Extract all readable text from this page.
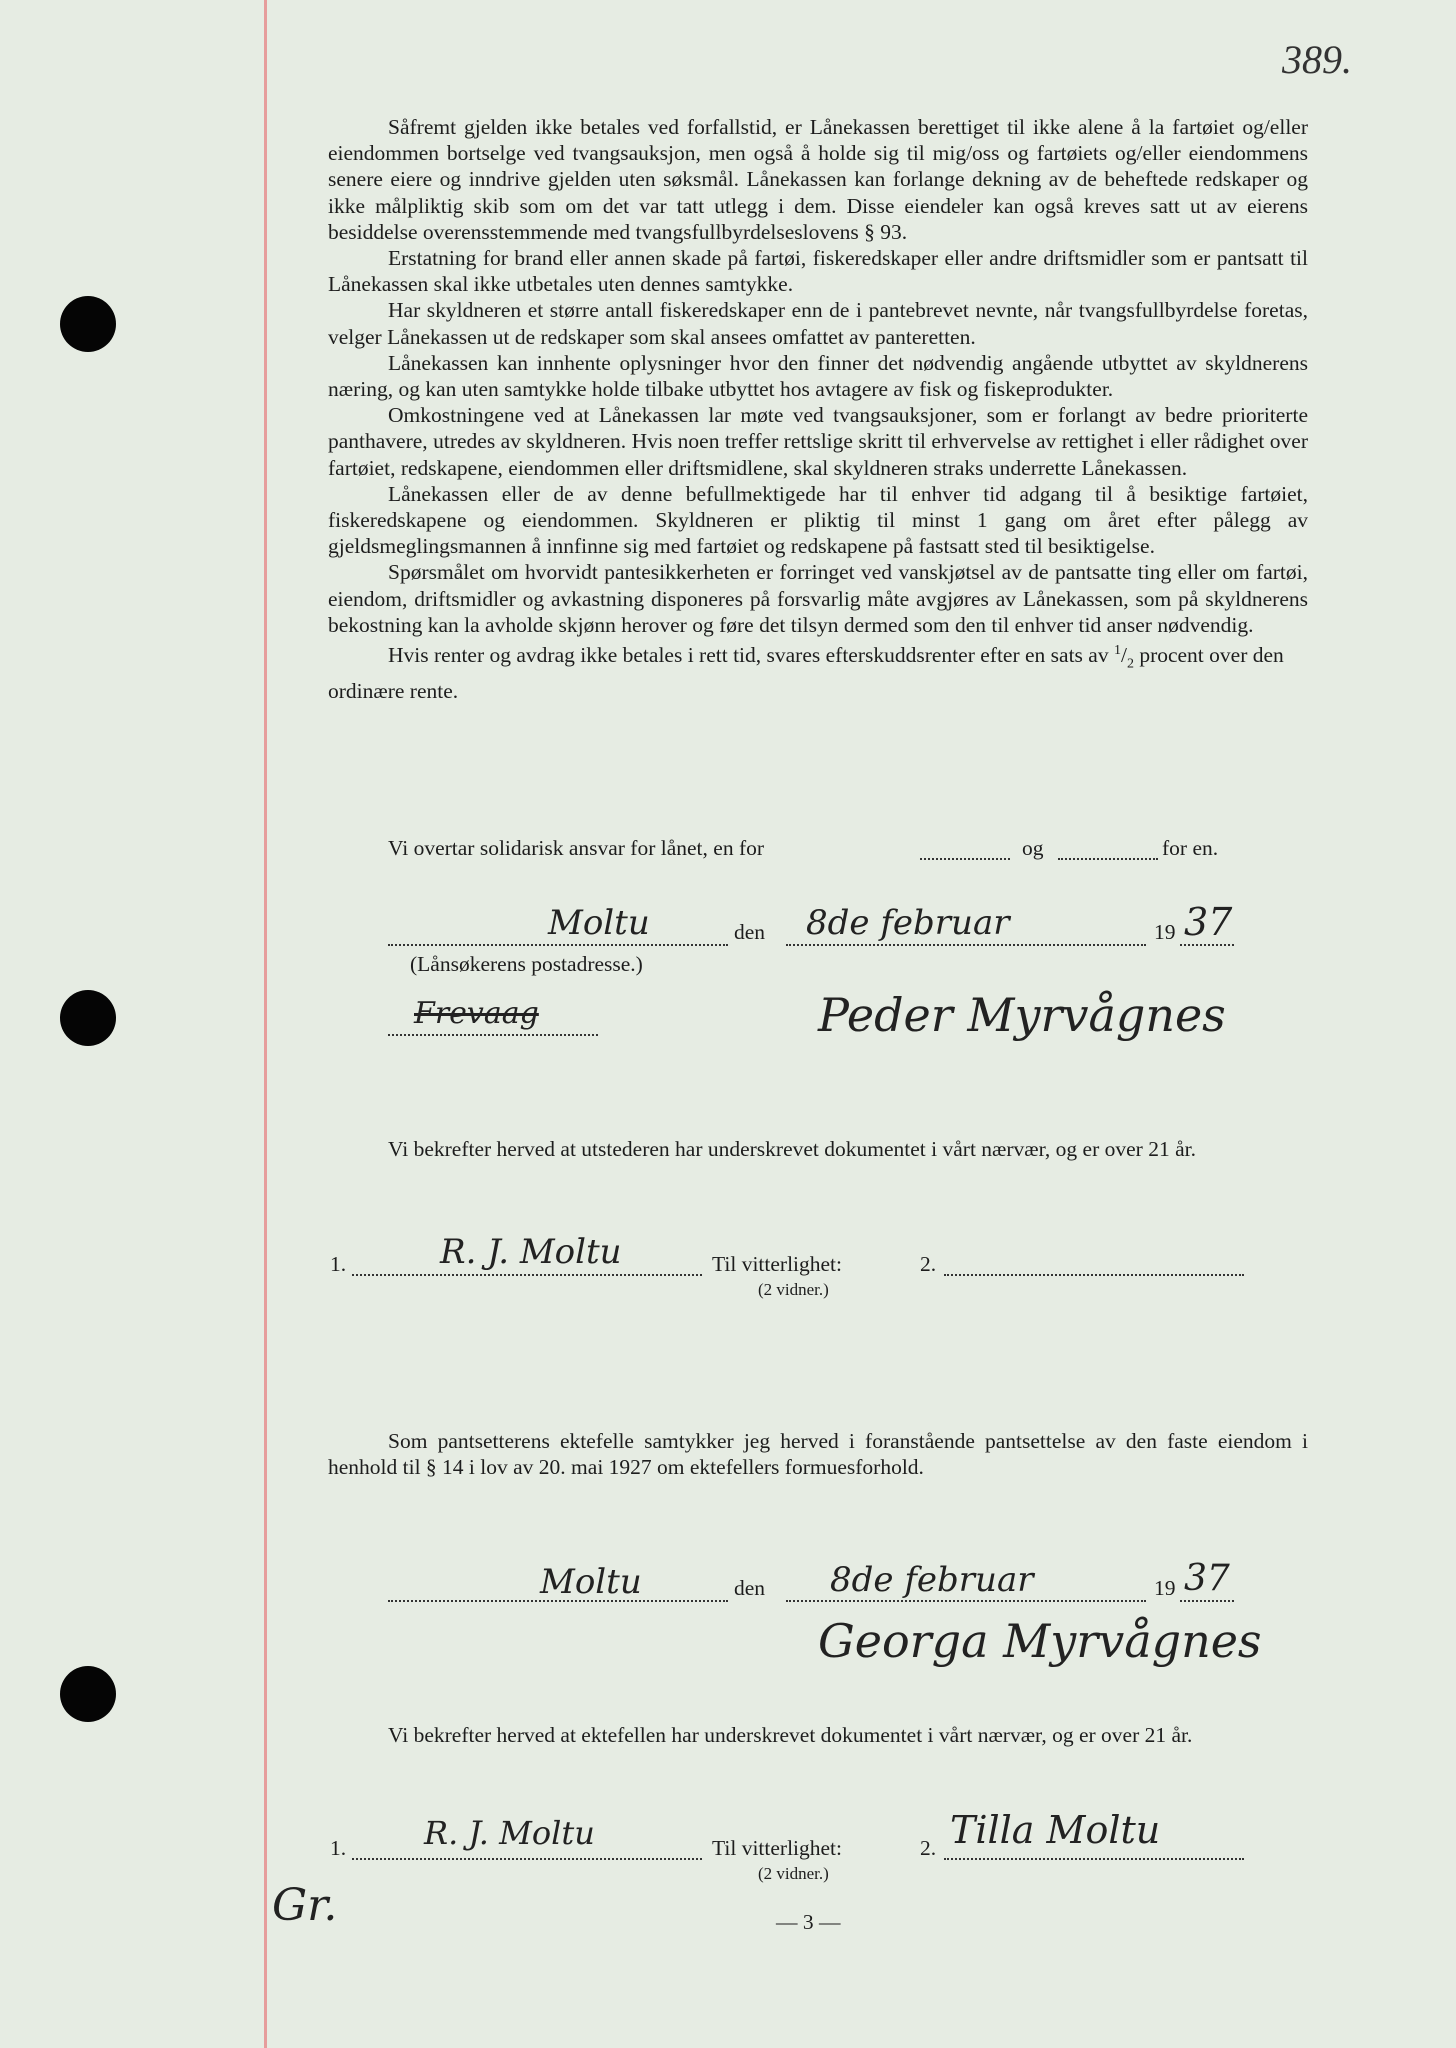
389.

Såfremt gjelden ikke betales ved forfallstid, er Lånekassen berettiget til ikke alene å la fartøiet og/eller eiendommen bortselge ved tvangsauksjon, men også å holde sig til mig/oss og fartøiets og/eller eiendommens senere eiere og inndrive gjelden uten søksmål. Lånekassen kan forlange dekning av de beheftede redskaper og ikke målpliktig skib som om det var tatt utlegg i dem. Disse eiendeler kan også kreves satt ut av eierens besiddelse overensstemmende med tvangsfullbyrdelseslovens § 93.

Erstatning for brand eller annen skade på fartøi, fiskeredskaper eller andre driftsmidler som er pantsatt til Lånekassen skal ikke utbetales uten dennes samtykke.

Har skyldneren et større antall fiskeredskaper enn de i pantebrevet nevnte, når tvangsfullbyrdelse foretas, velger Lånekassen ut de redskaper som skal ansees omfattet av panteretten.

Lånekassen kan innhente oplysninger hvor den finner det nødvendig angående utbyttet av skyldnerens næring, og kan uten samtykke holde tilbake utbyttet hos avtagere av fisk og fiskeprodukter.

Omkostningene ved at Lånekassen lar møte ved tvangsauksjoner, som er forlangt av bedre prioriterte panthavere, utredes av skyldneren. Hvis noen treffer rettslige skritt til erhvervelse av rettighet i eller rådighet over fartøiet, redskapene, eiendommen eller driftsmidlene, skal skyldneren straks underrette Lånekassen.

Lånekassen eller de av denne befullmektigede har til enhver tid adgang til å besiktige fartøiet, fiskeredskapene og eiendommen. Skyldneren er pliktig til minst 1 gang om året efter pålegg av gjeldsmeglingsmannen å innfinne sig med fartøiet og redskapene på fastsatt sted til besiktigelse.

Spørsmålet om hvorvidt pantesikkerheten er forringet ved vanskjøtsel av de pantsatte ting eller om fartøi, eiendom, driftsmidler og avkastning disponeres på forsvarlig måte avgjøres av Lånekassen, som på skyldnerens bekostning kan la avholde skjønn herover og føre det tilsyn dermed som den til enhver tid anser nødvendig.

Hvis renter og avdrag ikke betales i rett tid, svares efterskuddsrenter efter en sats av $^1/_2$ procent over den ordinære rente.

Vi overtar solidarisk ansvar for lånet, en for	og	for en.
Moltu	den 8de februar	19 37
(Lånsøkerens postadresse.)
Frevaag	Peder Myrvågnes
Vi bekrefter herved at utstederen har underskrevet dokumentet i vårt nærvær, og er over 21 år.
1.	R. J. Moltu	Til vitterlighet:	2.
(2 vidner.)
Som pantsetterens ektefelle samtykker jeg herved i foranstående pantsettelse av den faste eiendom i henhold til § 14 i lov av 20. mai 1927 om ektefellers formuesforhold.
Moltu	den 8de februar	19 37
Georga Myrvågnes
Vi bekrefter herved at ektefellen har underskrevet dokumentet i vårt nærvær, og er over 21 år.
1. R. J. Moltu	Til vitterlighet:	2. Tilla Moltu
(2 vidner.)
Gr.	— 3 —
